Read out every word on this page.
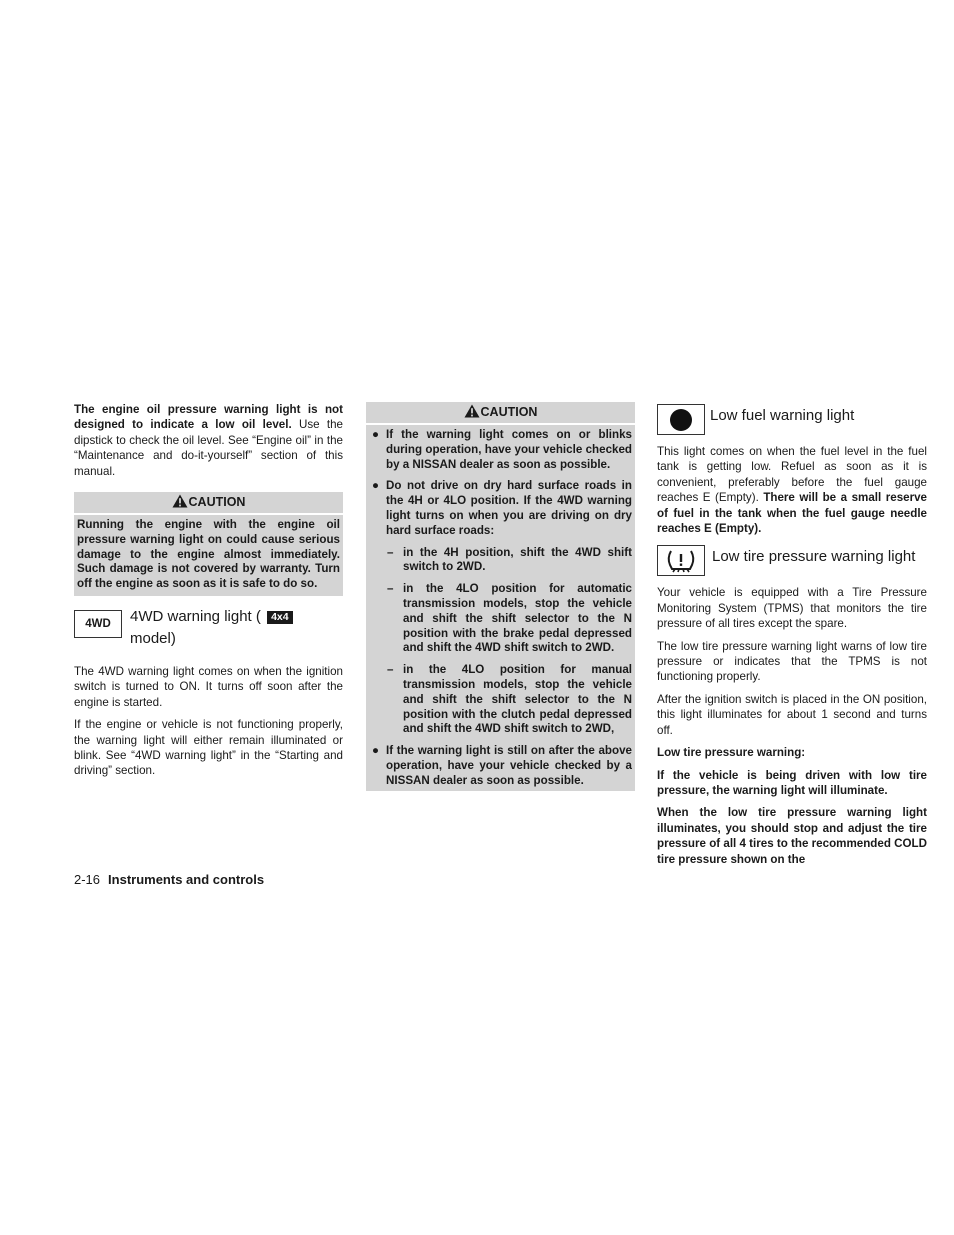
The engine oil pressure warning light is not designed to indicate a low oil level. Use the dipstick to check the oil level. See “Engine oil” in the “Maintenance and do-it-yourself” section of this manual.

CAUTION

Running the engine with the engine oil pressure warning light on could cause serious damage to the engine almost immediately. Such damage is not covered by warranty. Turn off the engine as soon as it is safe to do so.

4WD 4WD warning light ( 4x4
model)

The 4WD warning light comes on when the ignition switch is turned to ON. It turns off soon after the engine is started.

If the engine or vehicle is not functioning properly, the warning light will either remain illuminated or blink. See “4WD warning light” in the “Starting and driving” section.

CAUTION
● If the warning light comes on or blinks during operation, have your vehicle checked by a NISSAN dealer as soon as possible.
● Do not drive on dry hard surface roads in the 4H or 4LO position. If the 4WD warning light turns on when you are driving on dry hard surface roads:
– in the 4H position, shift the 4WD shift switch to 2WD.
– in the 4LO position for automatic transmission models, stop the vehicle and shift the shift selector to the N position with the brake pedal depressed and shift the 4WD shift switch to 2WD.
– in the 4LO position for manual transmission models, stop the vehicle and shift the shift selector to the N position with the clutch pedal depressed and shift the 4WD shift switch to 2WD,
● If the warning light is still on after the above operation, have your vehicle checked by a NISSAN dealer as soon as possible.
Low fuel warning light

This light comes on when the fuel level in the fuel tank is getting low. Refuel as soon as it is convenient, preferably before the fuel gauge reaches E (Empty). There will be a small reserve of fuel in the tank when the fuel gauge needle reaches E (Empty).

Low tire pressure warning light

Your vehicle is equipped with a Tire Pressure Monitoring System (TPMS) that monitors the tire pressure of all tires except the spare.

The low tire pressure warning light warns of low tire pressure or indicates that the TPMS is not functioning properly.

After the ignition switch is placed in the ON position, this light illuminates for about 1 second and turns off.

Low tire pressure warning:

If the vehicle is being driven with low tire pressure, the warning light will illuminate.

When the low tire pressure warning light illuminates, you should stop and adjust the tire pressure of all 4 tires to the recommended COLD tire pressure shown on the

2-16 Instruments and controls
